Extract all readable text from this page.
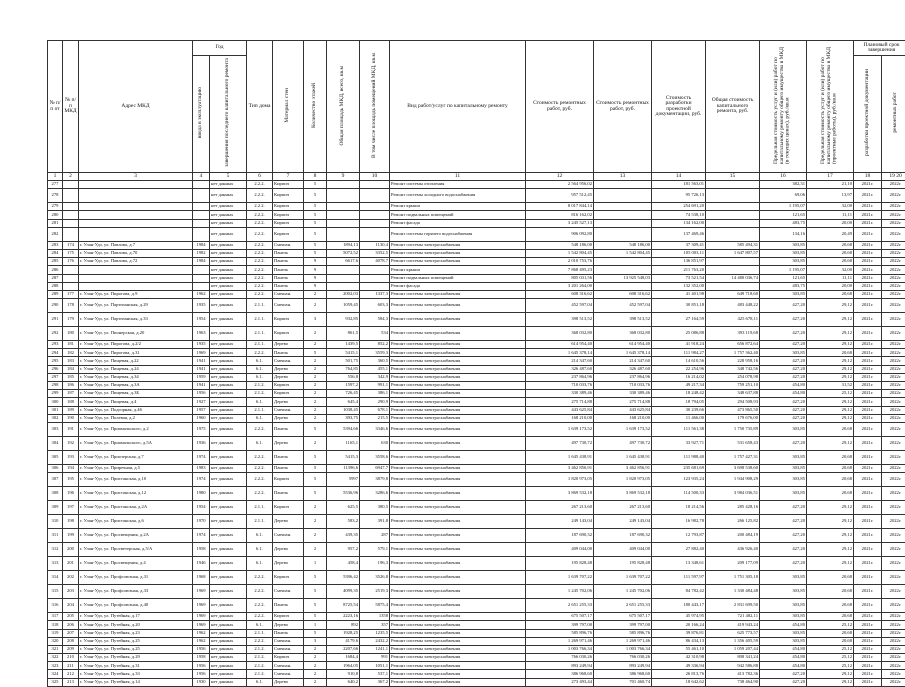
№ п/п от	№ п/п МКД	Адрес МКД	Год		Тип дома	Материал стен	Количество этажей	Общая площадь МКД, всего, кв.м	В том числе площадь помещений МКД, кв.м	Вид работ/услуг по капитальному ремонту	Стоимость ремонтных работ, руб.	Стоимость ремонтных работ, руб.	Стоимость разработки проектной документации, руб.	Общая стоимость капитального ремонта, руб.	Предельная стоимость услуг и (или) работ по капитальному ремонту общего имущества в МКД (в текущих ценах), руб./кв.м	Предельная стоимость услуг и (или) работ по капитальному ремонту общего имущества в МКД (проектные работы), руб./кв.м	Плановый срок завершения	
			ввода в эксплуатацию	завершения последнего капитального ремонта													разработки проектной документации	ремонтных работ
1	2	3	4	5	6	7	8	9	10	11	12	13	14	15	16	17	18	19 20
277				нет данных	2.2.2.	Кирпич	5			Ремонт системы отопления	2 564 956,02		181 563,01		382,31	21,10	2021г.	2022г.
278				нет данных	2.2.2.	Кирпич	5			Ремонт системы холодного водоснабжения	957 512,45		95 726,13		69,06	13,97	2021г.	2022г.
279				нет данных	2.2.2.	Кирпич	5			Ремонт крыши	8 017 844,14		254 691,20		1 195,07	32,00	2021г.	2022г.
280				нет данных	2.2.2.	Кирпич	5			Ремонт подвальных помещений	816 162,02		74 538,10		121,65	11,11	2021г.	2022г.
281				нет данных	2.2.2.	Кирпич	5			Ремонт фасада	3 245 527,13		134 162,00		483,75	20,00	2021г.	2022г.
282				нет данных	2.2.2.	Кирпич	5			Ремонт системы горячего водоснабжения	906 092,80		137 469,46		134,16	20,49	2021г.	2022г.
283	174	г. Улан-Удэ, ул. Павлова, д.7	1984	нет данных	2.2.2.	Смешан.	5	1894,13	1130,4	Ремонт системы электроснабжения	548 186,00	548 186,00	37 309,41	585 494,31	303,85	20,68	2021г.	2022г.
284	175	г. Улан-Удэ, ул. Павлова, д.70	1982	нет данных	2.2.2.	Панель	5	5072,52	3352,5	Ремонт системы электроснабжения	1 542 804,45	1 542 804,45	105 003,11	1 647 807,57	303,85	20,68	2021г.	2022г.
285	176	г. Улан-Удэ, ул. Павлова, д.72	1984	нет данных	2.2.2.	Панель	9	6617,6	4078,7	Ремонт системы электроснабжения	2 010 753,76		136 851,97		303,85	20,68	2021г.	2022г.
286				нет данных	2.2.2.	Панель	9			Ремонт крыши	7 868 495,23		211 763,20		1 195,07	32,00	2021г.	2022г.
287				нет данных	2.2.2.	Панель	9			Ремонт подвальных помещений	805 031,56	13 925 548,03	73 521,54	14 480 036,74	121,65	11,11	2021г.	2022г.
288				нет данных	2.2.2.	Панель	9			Ремонт фасада	3 201 264,00		132 352,00		483,75	20,00	2021г.	2022г.
289	177	г. Улан-Удэ, ул. Пирогова, д.9	1962	нет данных	2.2.2.	Смешан.	2	2002,03	1337,3	Ремонт системы электроснабжения	608 316,62	608 316,62	41 401,98	649 718,60	303,85	20,68	2021г.	2022г.
290	178	г. Улан-Удэ, ул. Партизанская, д.29	1935	нет данных	2.1.1.	Смешан.	2	1059,45	603,3	Ремонт системы электроснабжения	452 597,04	452 597,04	30 851,18	483 448,22	427,20	29,12	2021г.	2022г.
291	179	г. Улан-Удэ, ул. Партизанская, д.33	1954	нет данных	2.1.1.	Кирпич	3	932,85	584,3	Ремонт системы электроснабжения	398 513,52	398 513,52	27 164,59	425 678,11	427,20	29,12	2021г.	2022г.
292	180	г. Улан-Удэ, ул. Пионерская, д.20	1963	нет данных	2.1.1.	Кирпич	2	861,5	534	Ремонт системы электроснабжения	368 032,80	368 032,80	25 086,88	393 119,68	427,20	29,12	2021г.	2022г.
293	181	г. Улан-Удэ, ул. Пирогова, д.2/2	1935	нет данных	2.1.1.	Дерево	2	1439,5	852,2	Ремонт системы электроснабжения	614 954,40	614 954,40	41 918,24	656 872,64	427,20	29,12	2021г.	2022г.
294	182	г. Улан-Удэ, ул. Пирогова, д.31	1969	нет данных	2.2.2.	Панель	5	5415,1	3559,3	Ремонт системы электроснабжения	1 645 378,14	1 645 378,14	111 984,27	1 757 362,40	303,85	20,68	2021г.	2022г.
295	183	г. Улан-Удэ, ул. Пищевая, д.22	1941	нет данных	6.1.	Смешан.	2	501,75	360,5	Ремонт системы электроснабжения	214 347,60	214 347,60	14 610,56	228 958,16	427,20	29,12	2021г.	2022г.
296	184	г. Улан-Удэ, ул. Пищевая, д.24	1941	нет данных	6.1.	Дерево	2	764,85	455,1	Ремонт системы электроснабжения	326 487,60	326 487,60	22 254,96	348 742,56	427,20	29,12	2021г.	2022г.
297	185	г. Улан-Удэ, ул. Пищевая, д.34	1959	нет данных	6.1.	Дерево	2	556,8	342,9	Ремонт системы электроснабжения	237 864,96	237 864,96	16 214,02	254 078,98	427,20	29,12	2021г.	2022г.
298	186	г. Улан-Удэ, ул. Пищевая, д.3А	1941	нет данных	2.1.2.	Кирпич	2	1597,2	991,1	Ремонт системы электроснабжения	710 033,76	710 033,76	49 217,34	759 251,10	454,80	31,52	2021г.	2022г.
299	187	г. Улан-Удэ, ул. Пищевая, д.3Б	1956	нет данных	2.1.2.	Кирпич	2	726,45	386,1	Ремонт системы электроснабжения	330 389,46	330 389,46	18 248,42	348 637,88	454,80	25,12	2021г.	2022г.
300	188	г. Улан-Удэ, ул. Пищевая, д.4	1927	нет данных	6.1.	Дерево	2	645,4	290,9	Ремонт системы электроснабжения	275 714,88	275 714,88	18 794,05	294 508,93	427,20	29,12	2021г.	2022г.
301	189	г. Улан-Удэ, ул. Подгорная, д.46	1957	нет данных	2.1.1.	Смешан.	2	1038,45	678,1	Ремонт системы электроснабжения	443 625,84	443 625,84	30 239,66	473 865,50	427,20	29,12	2021г.	2022г.
302	190	г. Улан-Удэ, ул. Полевая, д.2	1960	нет данных	6.1.	Дерево	2	393,75	215,5	Ремонт системы электроснабжения	168 210,00	168 210,00	11 466,00	179 676,00	427,20	29,12	2021г.	2022г.
303	191	г. Улан-Удэ, ул. Приамальского, д.2	1975	нет данных	2.2.2.	Панель	5	5394,66	3346,6	Ремонт системы электроснабжения	1 639 173,52	1 639 173,52	111 561,38	1 750 735,89	303,85	20,68	2021г.	2022г.
304	192	г. Улан-Удэ, ул. Приамальского, д.5А	1936	нет данных	6.1.	Дерево	2	1165,1	630	Ремонт системы электроснабжения	497 730,72	497 730,72	33 927,71	531 658,43	427,20	29,12	2021г.	2022г.
305	193	г. Улан-Удэ, ул. Приозерская, д.7	1974	нет данных	2.2.2.	Панель	5	5415,3	3558,6	Ремонт системы электроснабжения	1 645 438,91	1 645 438,91	111 988,40	1 757 427,31	303,85	20,68	2021г.	2022г.
306	194	г. Улан-Удэ, ул. Приречная, д.5	1983	нет данных	2.2.2.	Панель	5	11396,6	6947,7	Ремонт системы электроснабжения	3 462 856,91	3 462 856,91	235 681,69	3 698 538,60	303,85	20,68	2021г.	2022г.
307	195	г. Улан-Удэ, ул. Пристанская, д.10	1974	нет данных	2.2.2.	Кирпич	5	5997	3879,8	Ремонт системы электроснабжения	1 820 973,05	1 820 973,05	123 935,24	1 944 908,29	303,85	20,68	2021г.	2022г.
308	196	г. Улан-Удэ, ул. Пристанская, д.12	1980	нет данных	2.2.2.	Панель	5	5536,96	3286,6	Ремонт системы электроснабжения	3 869 532,18	3 869 532,18	114 500,33	3 984 036,51	303,85	20,68	2021г.	2022г.
309	197	г. Улан-Удэ, ул. Пристанская, д.2А	1954	нет данных	2.1.1.	Кирпич	2	625,5	380,5	Ремонт системы электроснабжения	267 213,60	267 213,60	18 214,56	285 428,16	427,20	29,12	2021г.	2022г.
310	198	г. Улан-Удэ, ул. Пристанская, д.6	1970	нет данных	2.1.1.	Дерево	2	583,2	391,8	Ремонт системы электроснабжения	249 143,04	249 143,04	16 982,78	266 125,82	427,20	29,12	2021г.	2022г.
311	199	г. Улан-Удэ, ул. Просвещения, д.2А	1974	нет данных	6.1.	Смешан.	2	439,35	287	Ремонт системы электроснабжения	187 690,32	187 690,32	12 793,87	200 484,19	427,20	29,12	2021г.	2022г.
312	200	г. Улан-Удэ, ул. Просветерская, д.5/А	1958	нет данных	6.1.	Дерево	2	957,2	579,1	Ремонт системы электроснабжения	409 044,00	409 044,00	27 882,40	436 926,40	427,20	29,12	2021г.	2022г.
313	201	г. Улан-Удэ, ул. Просвещения, д.4	1946	нет данных	6.1.	Дерево	1	458,4	196,3	Ремонт системы электроснабжения	195 828,48	195 828,48	13 348,61	209 177,09	427,20	29,12	2021г.	2022г.
314	202	г. Улан-Удэ, ул. Профсоюзная, д.31	1968	нет данных	2.2.2.	Кирпич	5	5396,42	3526,8	Ремонт системы электроснабжения	1 639 707,22	1 639 707,22	111 597,97	1 751 305,18	303,85	20,68	2021г.	2022г.
315	203	г. Улан-Удэ, ул. Профсоюзная, д.33	1969	нет данных	2.2.2.	Смешан.	5	4099,35	2519,3	Ремонт системы электроснабжения	1 245 702,06	1 245 702,06	84 782,42	1 330 484,48	303,85	20,68	2021г.	2022г.
316	204	г. Улан-Удэ, ул. Профсоюзная, д.40	1969	нет данных	2.2.2.	Панель	5	8725,54	5875,4	Ремонт системы электроснабжения	2 651 255,33	2 651 255,33	180 443,17	2 831 699,50	303,85	20,68	2021г.	2022г.
317	205	г. Улан-Удэ, ул. Путейная, д.17	1969	нет данных	2.2.2.	Кирпич	5	2223,16	1358	Ремонт системы электроснабжения	675 507,17	675 507,17	45 974,95	721 482,11	303,85	20,68	2021г.	2022г.
318	206	г. Улан-Удэ, ул. Путейная, д.20	1969	нет данных	6.1.	Дерево	1	892	357	Ремонт системы электроснабжения	399 797,00	399 797,00	20 166,24	419 943,24	454,80	25,12	2021г.	2022г.
319	207	г. Улан-Удэ, ул. Путейная, д.23	1962	нет данных	2.1.1.	Панель	5	1928,25	1235,5	Ремонт системы электроснабжения	585 896,76	585 896,76	39 876,81	625 773,57	303,85	20,68	2021г.	2022г.
320	208	г. Улан-Удэ, ул. Путейная, д.25	1962	нет данных	2.2.2.	Смешан.	3	4179,6	2432,2	Ремонт системы электроснабжения	1 269 971,46	1 269 971,46	86 434,13	1 356 405,59	303,85	20,68	2021г.	2022г.
321	209	г. Улан-Удэ, ул. Путейная, д.25	1956	нет данных	2.1.2.	Смешан.	2	2207,66	1241,1	Ремонт системы электроснабжения	1 003 766,34	1 003 766,34	55 461,10	1 059 207,44	454,80	25,12	2021г.	2022г.
322	210	г. Улан-Удэ, ул. Путейная, д.29	1958	нет данных	2.1.2.	Кирпич	2	1684,4	991	Ремонт системы электроснабжения	766 030,26	766 030,26	42 310,98	808 341,24	454,80	25,12	2021г.	2022г.
323	211	г. Улан-Удэ, ул. Путейная, д.31	1956	нет данных	2.1.2.	Смешан.	2	1964,05	1051,1	Ремонт системы электроснабжения	893 249,94	893 249,94	49 336,94	942 586,88	454,80	25,12	2021г.	2022г.
324	212	г. Улан-Удэ, ул. Путейная, д.33	1956	нет данных	2.1.2.	Смешан.	2	910,8	537,1	Ремонт системы электроснабжения	386 968,60	386 968,60	26 813,76	413 782,36	427,20	29,12	2021г.	2022г.
325	213	г. Улан-Удэ, ул. Путейная, д.14	1930	нет данных	6.1.	Дерево	2	640,2	367,2	Ремонт системы электроснабжения	273 493,44	701 460,74	18 642,62	738 464,90	427,20	29,12	2021г.	2022г.
